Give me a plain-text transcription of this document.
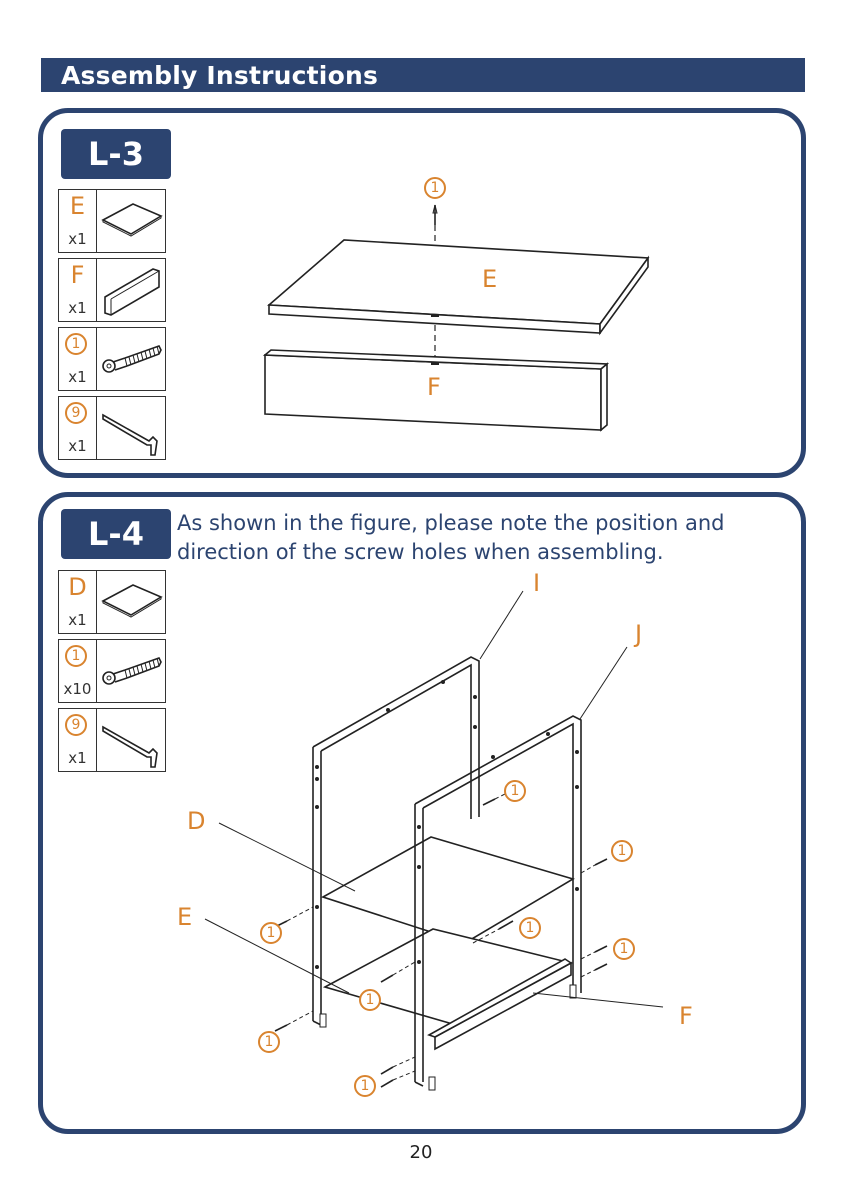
Assembly Instructions
L-3
E
x1
F
x1
1
x1
9
x1
1
E
F
L-4	As shown in the figure, please note the position and direction of the screw holes when assembling.
D
x1
1
x10
9
x1
I
J
D
E
F
1
1
1	1
1
1
1
1
20
